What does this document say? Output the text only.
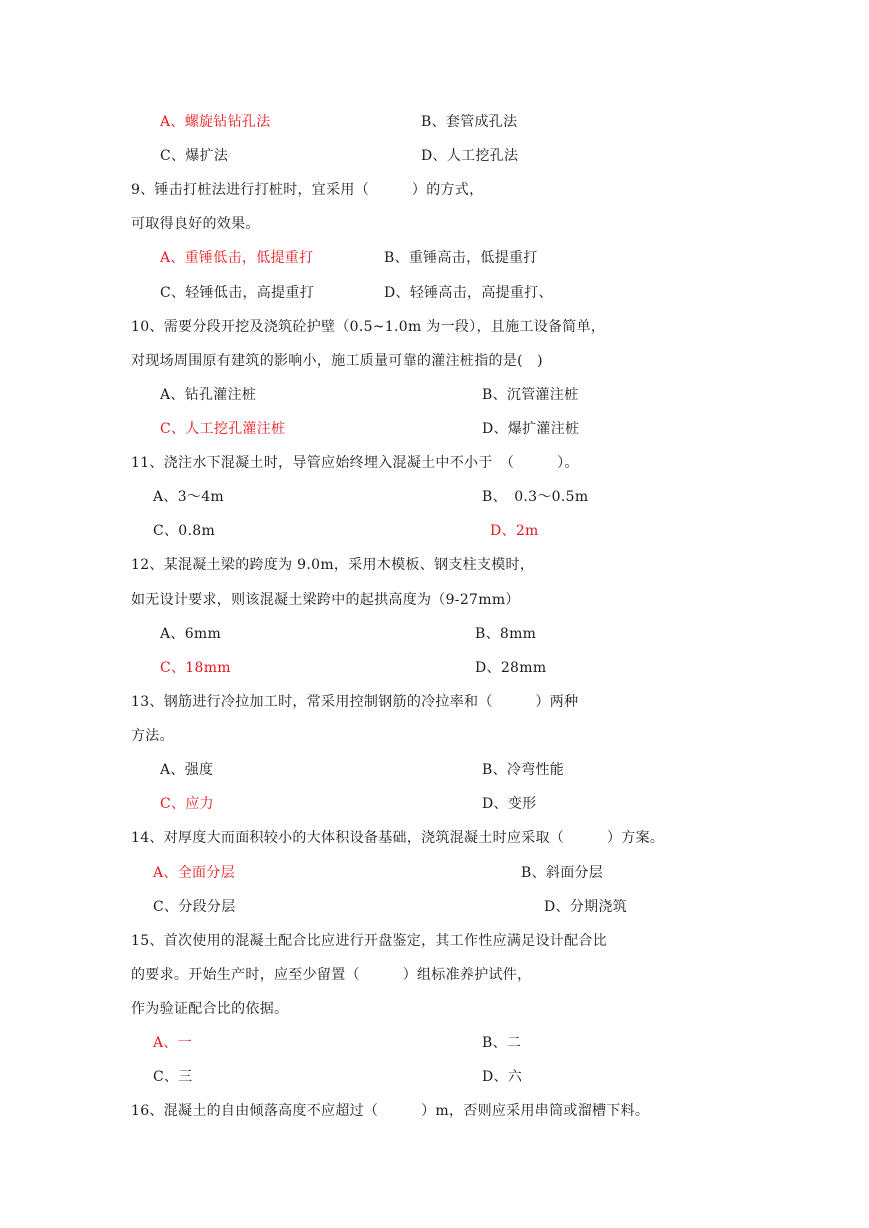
A、螺旋钻钻孔法	B、套管成孔法
C、爆扩法	D、人工挖孔法
9、锤击打桩法进行打桩时，宜采用（　　　）的方式，
可取得良好的效果。
A、重锤低击，低提重打	B、重锤高击，低提重打
C、轻锤低击，高提重打	D、轻锤高击，高提重打、
10、需要分段开挖及浇筑砼护壁（0.5~1.0m 为一段），且施工设备简单，
对现场周围原有建筑的影响小，施工质量可靠的灌注桩指的是(　)
A、钻孔灌注桩	B、沉管灌注桩
C、人工挖孔灌注桩	D、爆扩灌注桩
11、浇注水下混凝土时，导管应始终埋入混凝土中不小于　（　　　）。
A、3～4m	B、　0.3～0.5m
C、0.8m	D、2m
12、某混凝土梁的跨度为 9.0m，采用木模板、钢支柱支模时，
如无设计要求，则该混凝土梁跨中的起拱高度为（9-27mm）
A、6mm	B、8mm
C、18mm	D、28mm
13、钢筋进行冷拉加工时，常采用控制钢筋的冷拉率和（　　　）两种
方法。
A、强度	B、冷弯性能
C、应力	D、变形
14、对厚度大而面积较小的大体积设备基础，浇筑混凝土时应采取（　　　）方案。
A、全面分层	B、斜面分层
C、分段分层	D、分期浇筑
15、首次使用的混凝土配合比应进行开盘鉴定，其工作性应满足设计配合比
的要求。开始生产时，应至少留置（　　　）组标准养护试件，
作为验证配合比的依据。
A、一	B、二
C、三	D、六
16、混凝土的自由倾落高度不应超过（　　　）m，否则应采用串筒或溜槽下料。
